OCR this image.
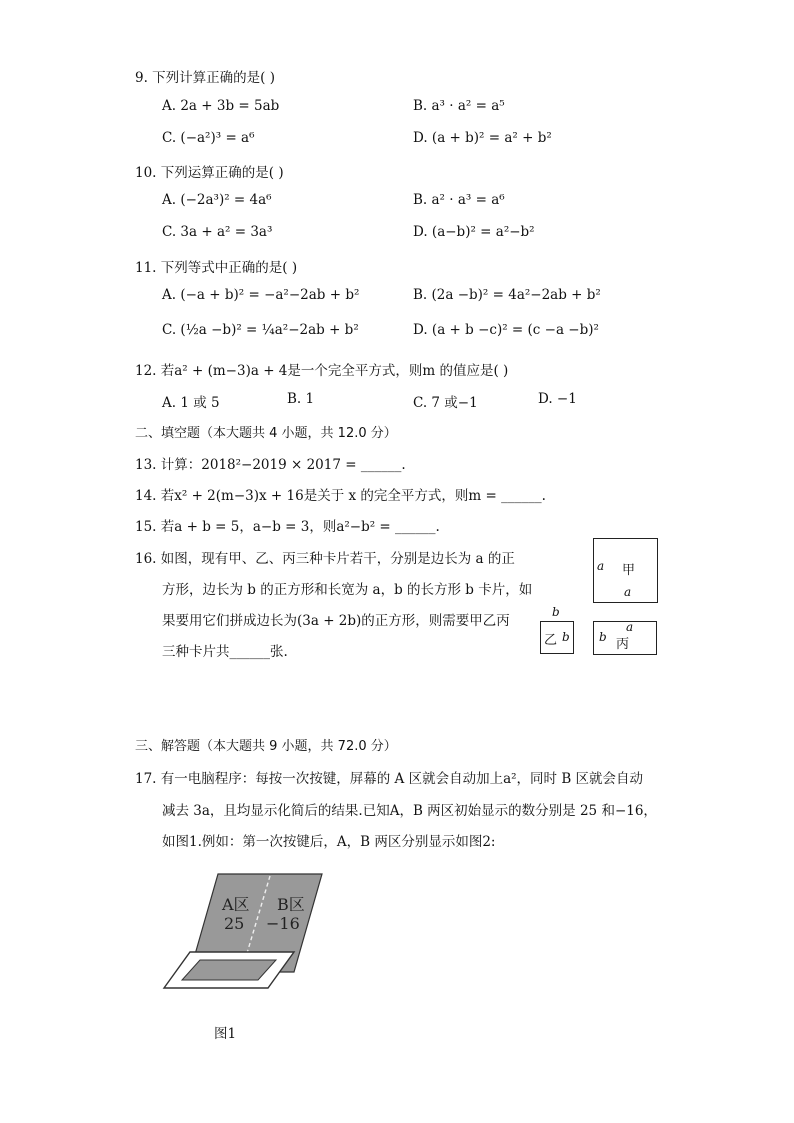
9. 下列计算正确的是( )
A. 2a + 3b = 5ab	B. a³ · a² = a⁵
C. (−a²)³ = a⁶	D. (a + b)² = a² + b²
10. 下列运算正确的是( )
A. (−2a³)² = 4a⁶	B. a² · a³ = a⁶
C. 3a + a² = 3a³	D. (a−b)² = a²−b²
11. 下列等式中正确的是( )
A. (−a + b)² = −a²−2ab + b²	B. (2a −b)² = 4a²−2ab + b²
C. (½a −b)² = ¼a²−2ab + b²	D. (a + b −c)² = (c −a −b)²
12. 若a² + (m−3)a + 4是一个完全平方式，则m 的值应是( )
A. 1 或 5	B. 1	C. 7 或−1	D. −1
二、填空题（本大题共 4 小题，共 12.0 分）
13. 计算：2018²−2019 × 2017 = ______.
14. 若x² + 2(m−3)x + 16是关于 x 的完全平方式，则m = ______.
15. 若a + b = 5，a−b = 3，则a²−b² = ______.
16. 如图，现有甲、乙、丙三种卡片若干，分别是边长为 a 的正
方形，边长为 b 的正方形和长宽为 a，b 的长方形 b 卡片，如
果要用它们拼成边长为(3a + 2b)的正方形，则需要甲乙丙
三种卡片共______张.
a 甲
a
b
乙 b b
a
丙
三、解答题（本大题共 9 小题，共 72.0 分）
17. 有一电脑程序：每按一次按键，屏幕的 A 区就会自动加上a²，同时 B 区就会自动
减去 3a，且均显示化简后的结果.已知A，B 两区初始显示的数分别是 25 和−16，
如图1.例如：第一次按键后，A，B 两区分别显示如图2:
A区 B区
25 −16
图1
